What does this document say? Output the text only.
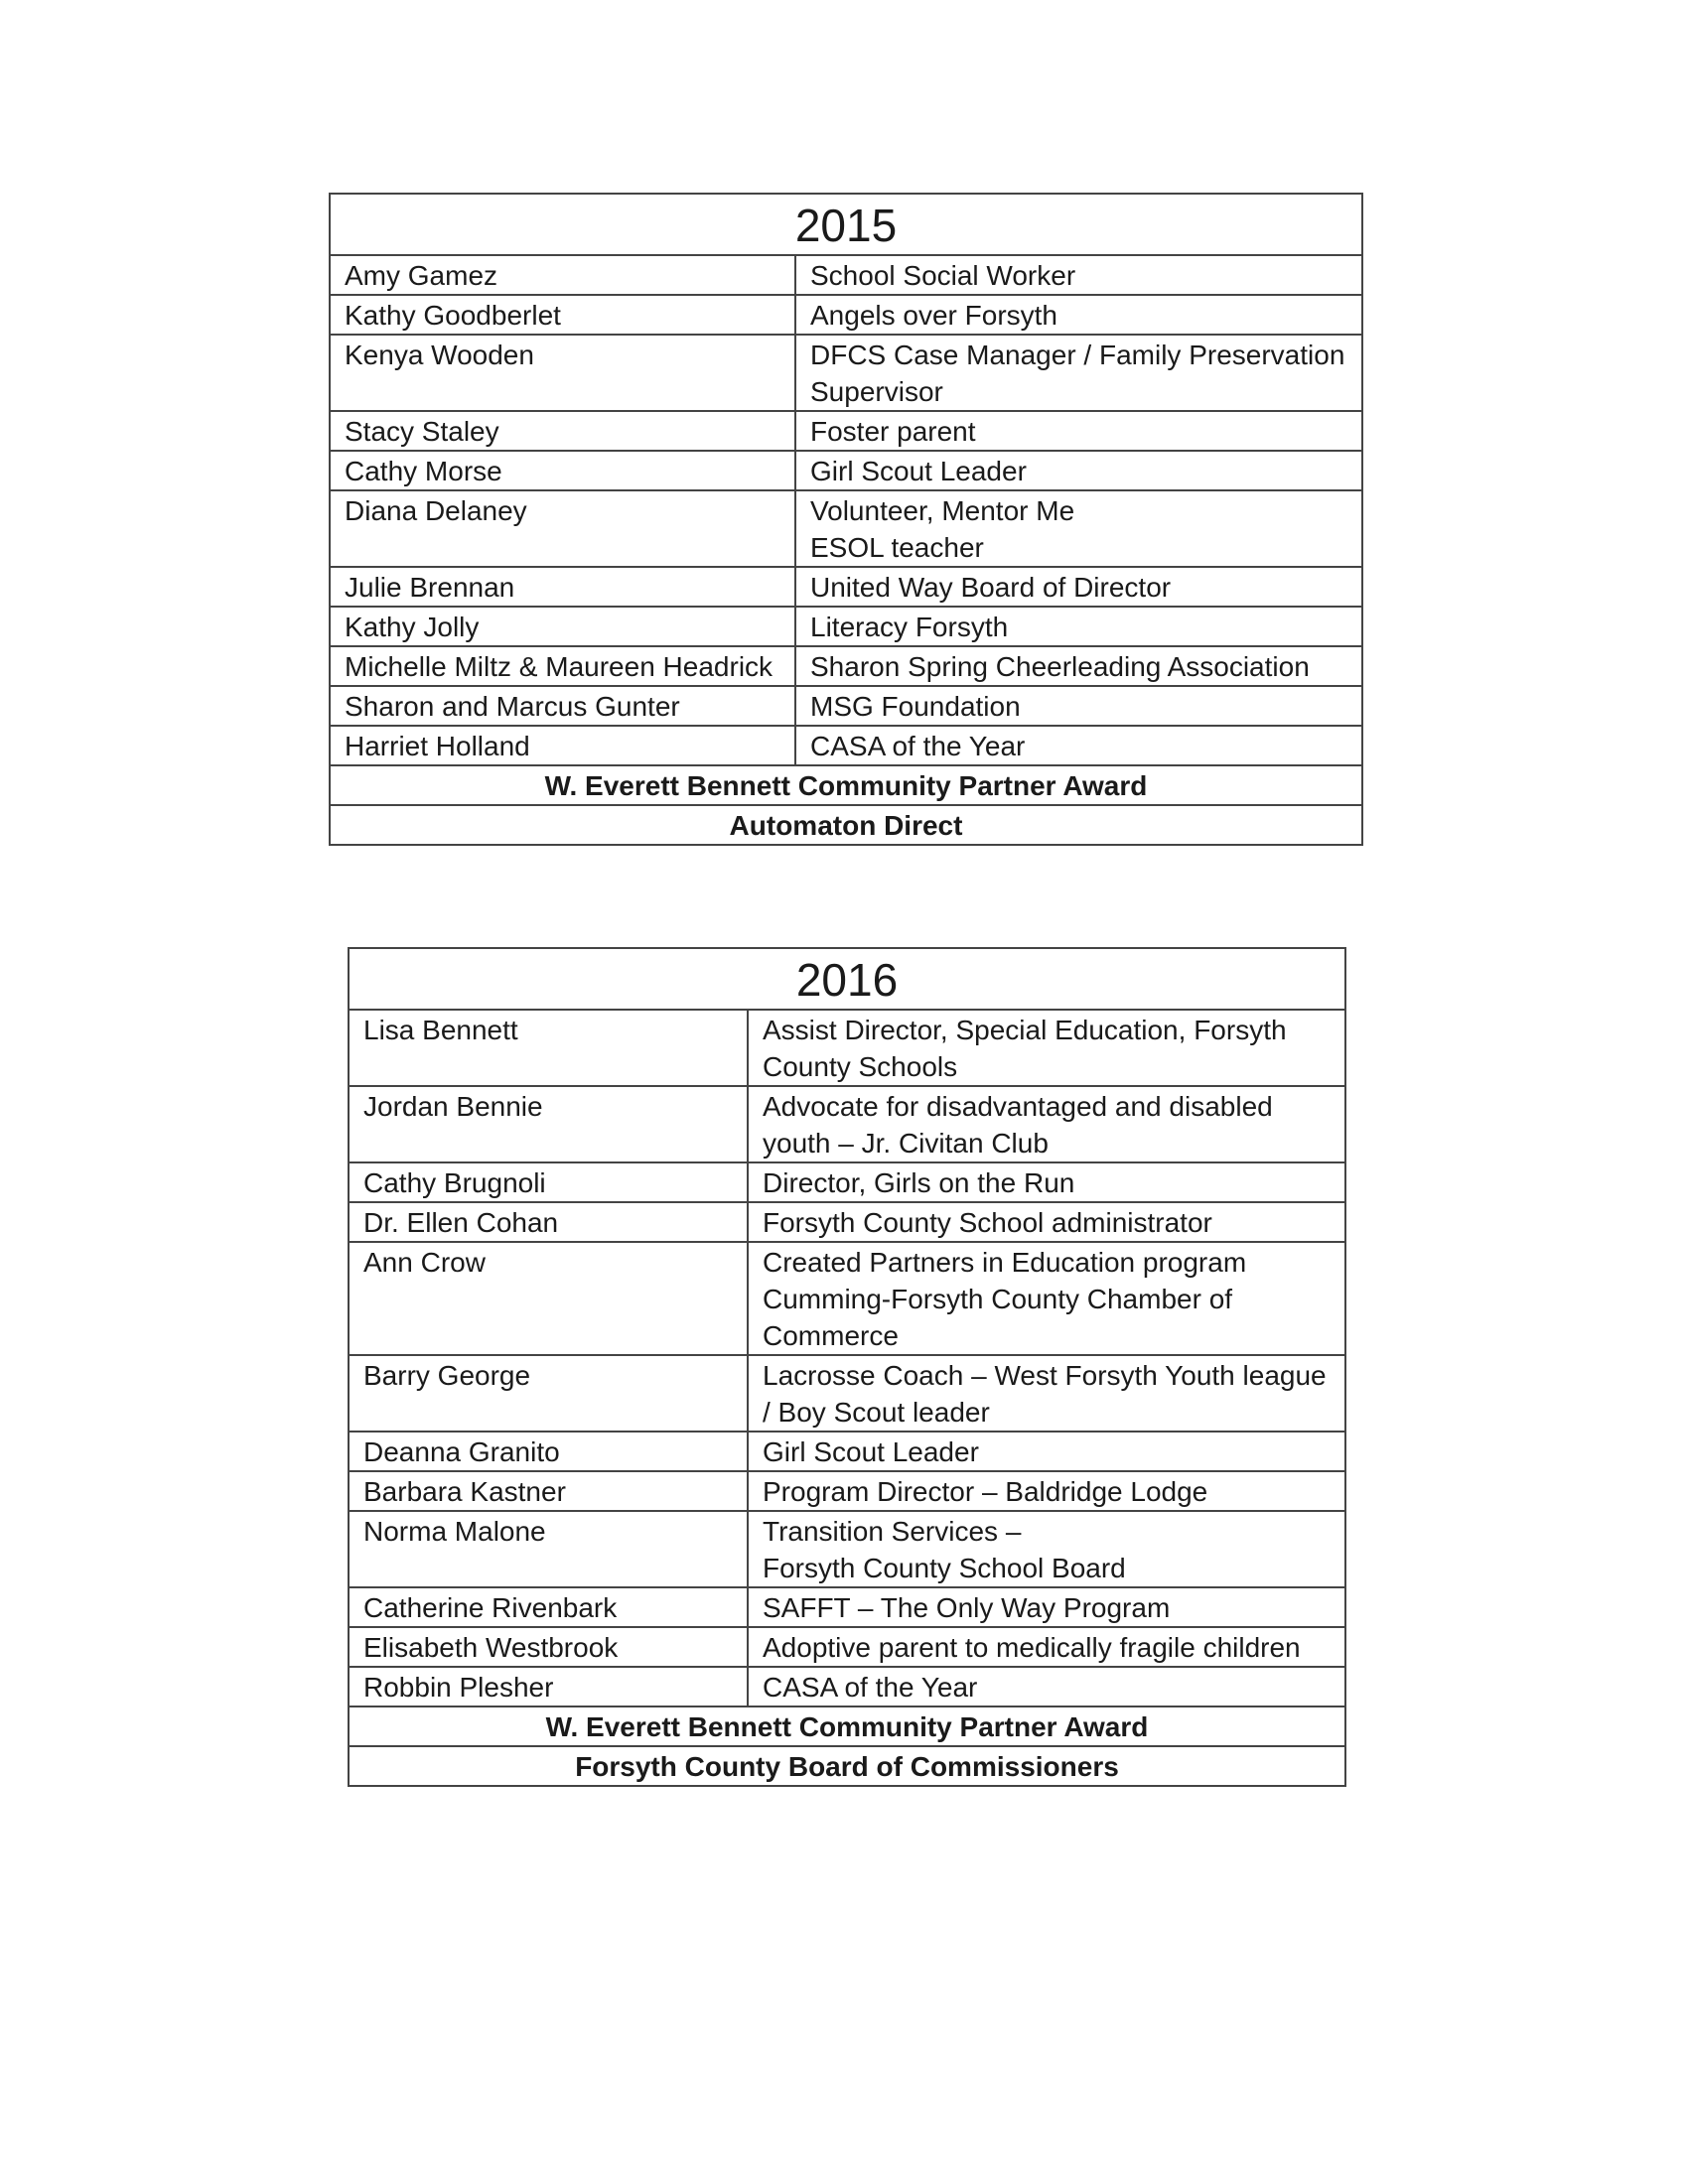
2015	
Amy Gamez	School Social Worker

Kathy Goodberlet	Angels over Forsyth

Kenya Wooden	DFCS Case Manager / Family Preservation
Supervisor

Stacy Staley	Foster parent

Cathy Morse	Girl Scout Leader

Diana Delaney	Volunteer, Mentor Me
ESOL teacher

Julie Brennan	United Way Board of Director

Kathy Jolly	Literacy Forsyth

Michelle Miltz & Maureen Headrick	Sharon Spring Cheerleading Association

Sharon and Marcus Gunter	MSG Foundation

Harriet Holland	CASA of the Year

W. Everett Bennett Community Partner Award	
Automaton Direct	
2016	
Lisa Bennett	Assist Director, Special Education, Forsyth
County Schools

Jordan Bennie	Advocate for disadvantaged and disabled
youth – Jr. Civitan Club

Cathy Brugnoli	Director, Girls on the Run

Dr. Ellen Cohan	Forsyth County School administrator

Ann Crow	Created Partners in Education program
Cumming-Forsyth County Chamber of
Commerce

Barry George	Lacrosse Coach – West Forsyth Youth league
/ Boy Scout leader

Deanna Granito	Girl Scout Leader

Barbara Kastner	Program Director – Baldridge Lodge

Norma Malone	Transition Services –
Forsyth County School Board

Catherine Rivenbark	SAFFT – The Only Way Program

Elisabeth Westbrook	Adoptive parent to medically fragile children

Robbin Plesher	CASA of the Year

W. Everett Bennett Community Partner Award	
Forsyth County Board of Commissioners	
